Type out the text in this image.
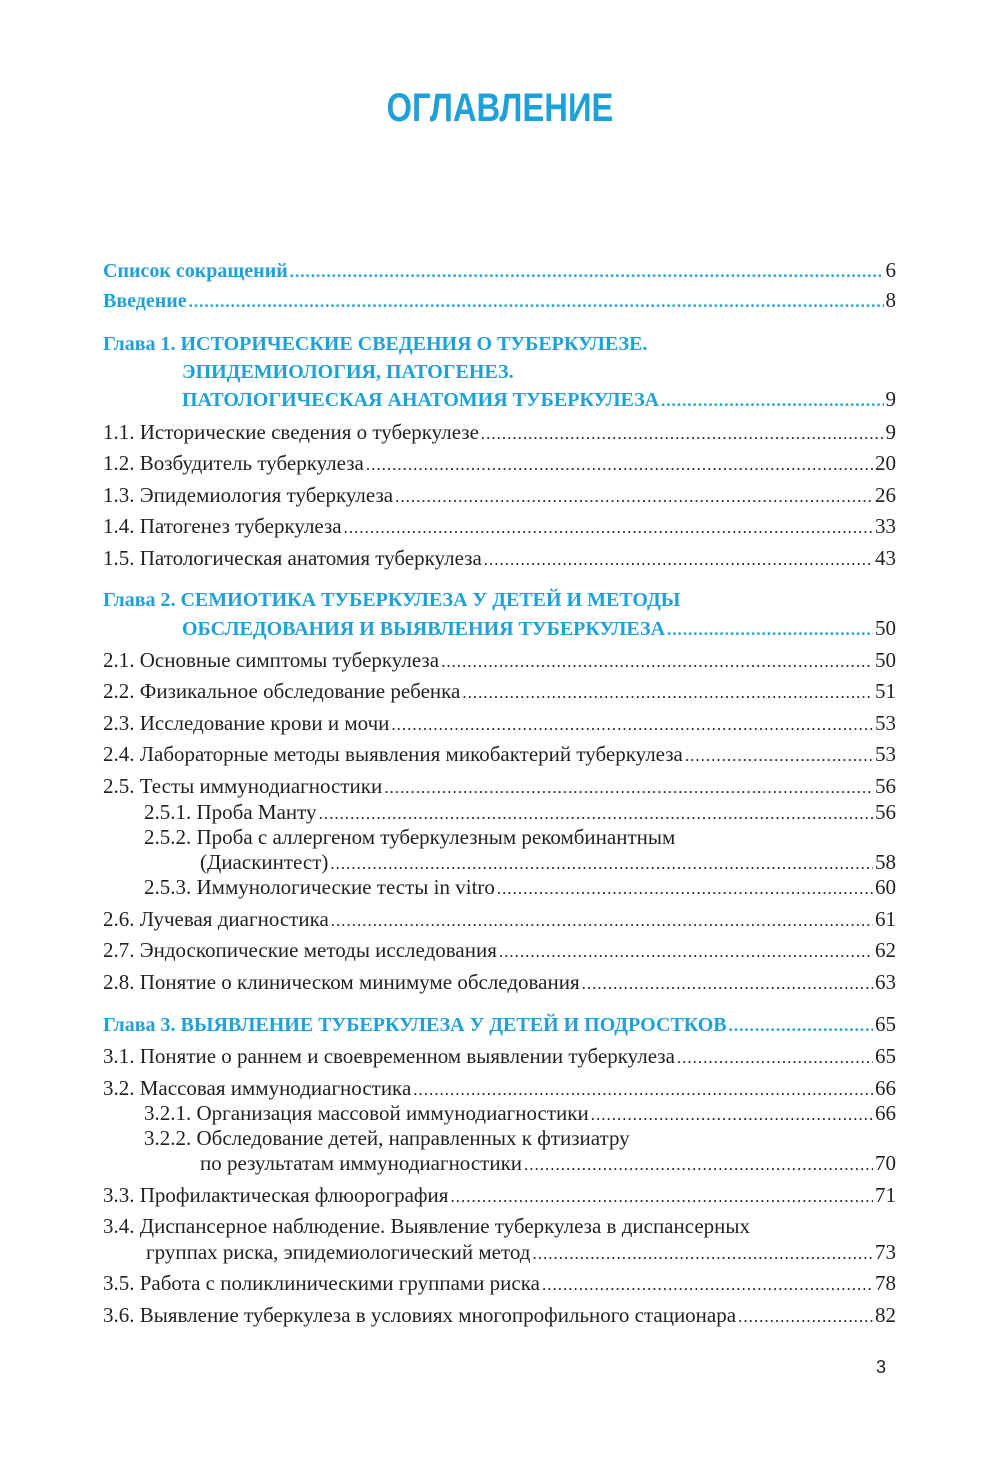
ОГЛАВЛЕНИЕ
Список сокращений .....	6
Введение .....	8
Глава 1. ИСТОРИЧЕСКИЕ СВЕДЕНИЯ О ТУБЕРКУЛЕЗЕ.
ЭПИДЕМИОЛОГИЯ, ПАТОГЕНЕЗ.
ПАТОЛОГИЧЕСКАЯ АНАТОМИЯ ТУБЕРКУЛЕЗА .....	9
1.1. Исторические сведения о туберкулезе .....	9
1.2. Возбудитель туберкулеза .....	20
1.3. Эпидемиология туберкулеза .....	26
1.4. Патогенез туберкулеза .....	33
1.5. Патологическая анатомия туберкулеза .....	43
Глава 2. СЕМИОТИКА ТУБЕРКУЛЕЗА У ДЕТЕЙ И МЕТОДЫ
ОБСЛЕДОВАНИЯ И ВЫЯВЛЕНИЯ ТУБЕРКУЛЕЗА .....	50
2.1. Основные симптомы туберкулеза .....	50
2.2. Физикальное обследование ребенка .....	51
2.3. Исследование крови и мочи .....	53
2.4. Лабораторные методы выявления микобактерий туберкулеза .....	53
2.5. Тесты иммунодиагностики .....	56
2.5.1. Проба Манту .....	56
2.5.2. Проба с аллергеном туберкулезным рекомбинантным
(Диаскинтест) .....	58
2.5.3. Иммунологические тесты in vitro .....	60
2.6. Лучевая диагностика .....	61
2.7. Эндоскопические методы исследования .....	62
2.8. Понятие о клиническом минимуме обследования .....	63
Глава 3. ВЫЯВЛЕНИЕ ТУБЕРКУЛЕЗА У ДЕТЕЙ И ПОДРОСТКОВ .....	65
3.1. Понятие о раннем и своевременном выявлении туберкулеза .....	65
3.2. Массовая иммунодиагностика .....	66
3.2.1. Организация массовой иммунодиагностики .....	66
3.2.2. Обследование детей, направленных к фтизиатру
по результатам иммунодиагностики .....	70
3.3. Профилактическая флюорография .....	71
3.4. Диспансерное наблюдение. Выявление туберкулеза в диспансерных
группах риска, эпидемиологический метод .....	73
3.5. Работа с поликлиническими группами риска .....	78
3.6. Выявление туберкулеза в условиях многопрофильного стационара .....	82
3
